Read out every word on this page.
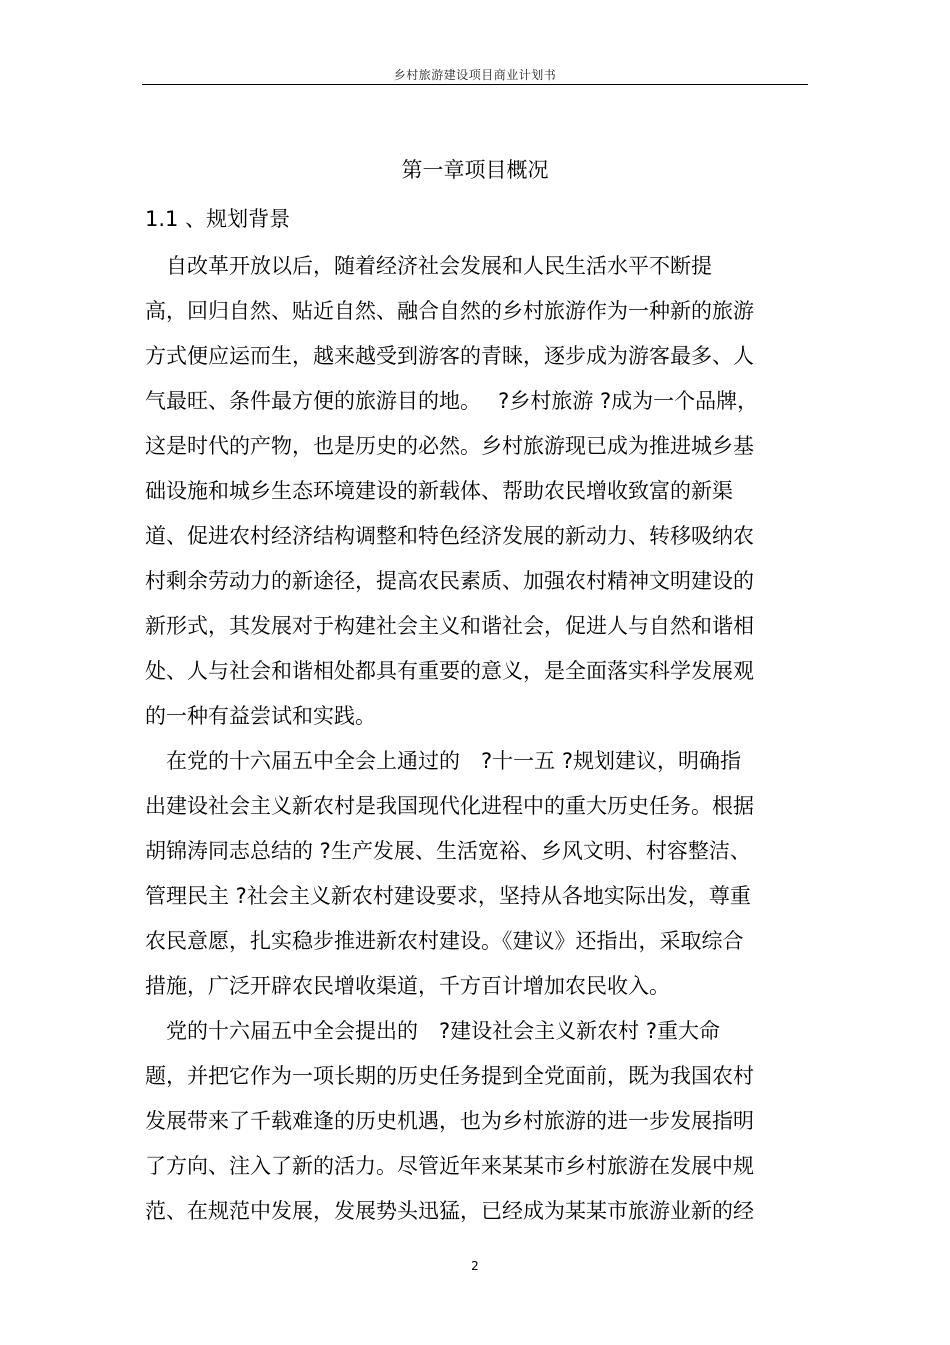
乡村旅游建设项目商业计划书
第一章项目概况
1.1 、规划背景
　自改革开放以后，随着经济社会发展和人民生活水平不断提
高，回归自然、贴近自然、融合自然的乡村旅游作为一种新的旅游
方式便应运而生，越来越受到游客的青睐，逐步成为游客最多、人
气最旺、条件最方便的旅游目的地。　 ?乡村旅游 ?成为一个品牌，
这是时代的产物，也是历史的必然。乡村旅游现已成为推进城乡基
础设施和城乡生态环境建设的新载体、帮助农民增收致富的新渠
道、促进农村经济结构调整和特色经济发展的新动力、转移吸纳农
村剩余劳动力的新途径，提高农民素质、加强农村精神文明建设的
新形式，其发展对于构建社会主义和谐社会，促进人与自然和谐相
处、人与社会和谐相处都具有重要的意义，是全面落实科学发展观
的一种有益尝试和实践。
　在党的十六届五中全会上通过的　?十一五 ?规划建议，明确指
出建设社会主义新农村是我国现代化进程中的重大历史任务。根据
胡锦涛同志总结的 ?生产发展、生活宽裕、乡风文明、村容整洁、
管理民主 ?社会主义新农村建设要求，坚持从各地实际出发，尊重
农民意愿，扎实稳步推进新农村建设。《建议》还指出，采取综合
措施，广泛开辟农民增收渠道，千方百计增加农民收入。
　党的十六届五中全会提出的　?建设社会主义新农村 ?重大命
题，并把它作为一项长期的历史任务提到全党面前，既为我国农村
发展带来了千载难逢的历史机遇，也为乡村旅游的进一步发展指明
了方向、注入了新的活力。尽管近年来某某市乡村旅游在发展中规
范、在规范中发展，发展势头迅猛，已经成为某某市旅游业新的经
2
